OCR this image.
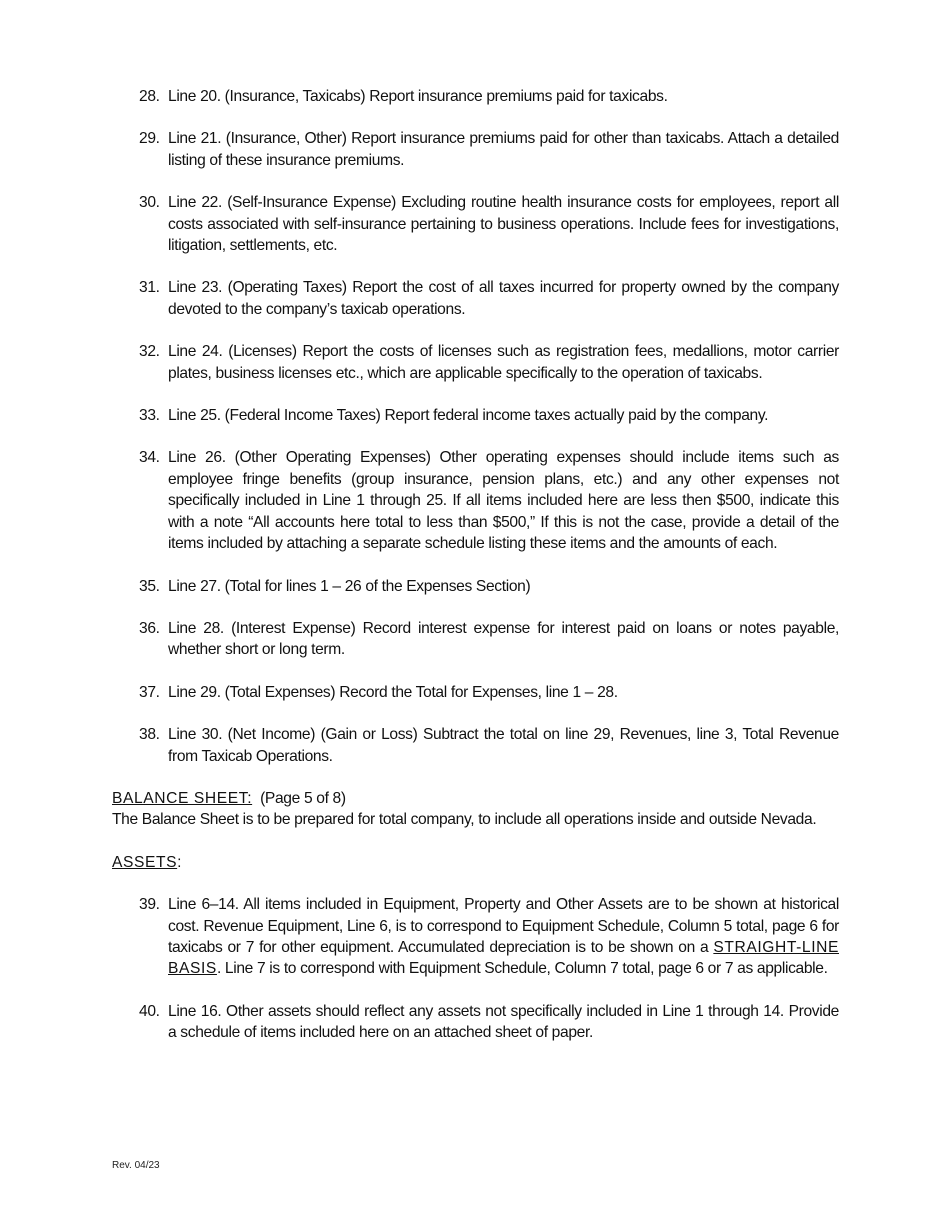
28. Line 20. (Insurance, Taxicabs) Report insurance premiums paid for taxicabs.
29. Line 21. (Insurance, Other) Report insurance premiums paid for other than taxicabs. Attach a detailed listing of these insurance premiums.
30. Line 22. (Self-Insurance Expense) Excluding routine health insurance costs for employees, report all costs associated with self-insurance pertaining to business operations. Include fees for investigations, litigation, settlements, etc.
31. Line 23. (Operating Taxes) Report the cost of all taxes incurred for property owned by the company devoted to the company’s taxicab operations.
32. Line 24. (Licenses) Report the costs of licenses such as registration fees, medallions, motor carrier plates, business licenses etc., which are applicable specifically to the operation of taxicabs.
33. Line 25. (Federal Income Taxes) Report federal income taxes actually paid by the company.
34. Line 26. (Other Operating Expenses) Other operating expenses should include items such as employee fringe benefits (group insurance, pension plans, etc.) and any other expenses not specifically included in Line 1 through 25. If all items included here are less then $500, indicate this with a note “All accounts here total to less than $500,” If this is not the case, provide a detail of the items included by attaching a separate schedule listing these items and the amounts of each.
35. Line 27. (Total for lines 1 – 26 of the Expenses Section)
36. Line 28. (Interest Expense) Record interest expense for interest paid on loans or notes payable, whether short or long term.
37. Line 29. (Total Expenses) Record the Total for Expenses, line 1 – 28.
38. Line 30. (Net Income) (Gain or Loss) Subtract the total on line 29, Revenues, line 3, Total Revenue from Taxicab Operations.

BALANCE SHEET: (Page 5 of 8)

The Balance Sheet is to be prepared for total company, to include all operations inside and outside Nevada.

ASSETS:

39. Line 6–14. All items included in Equipment, Property and Other Assets are to be shown at historical cost. Revenue Equipment, Line 6, is to correspond to Equipment Schedule, Column 5 total, page 6 for taxicabs or 7 for other equipment. Accumulated depreciation is to be shown on a STRAIGHT-LINE BASIS. Line 7 is to correspond with Equipment Schedule, Column 7 total, page 6 or 7 as applicable.
40. Line 16. Other assets should reflect any assets not specifically included in Line 1 through 14. Provide a schedule of items included here on an attached sheet of paper.
Rev. 04/23
